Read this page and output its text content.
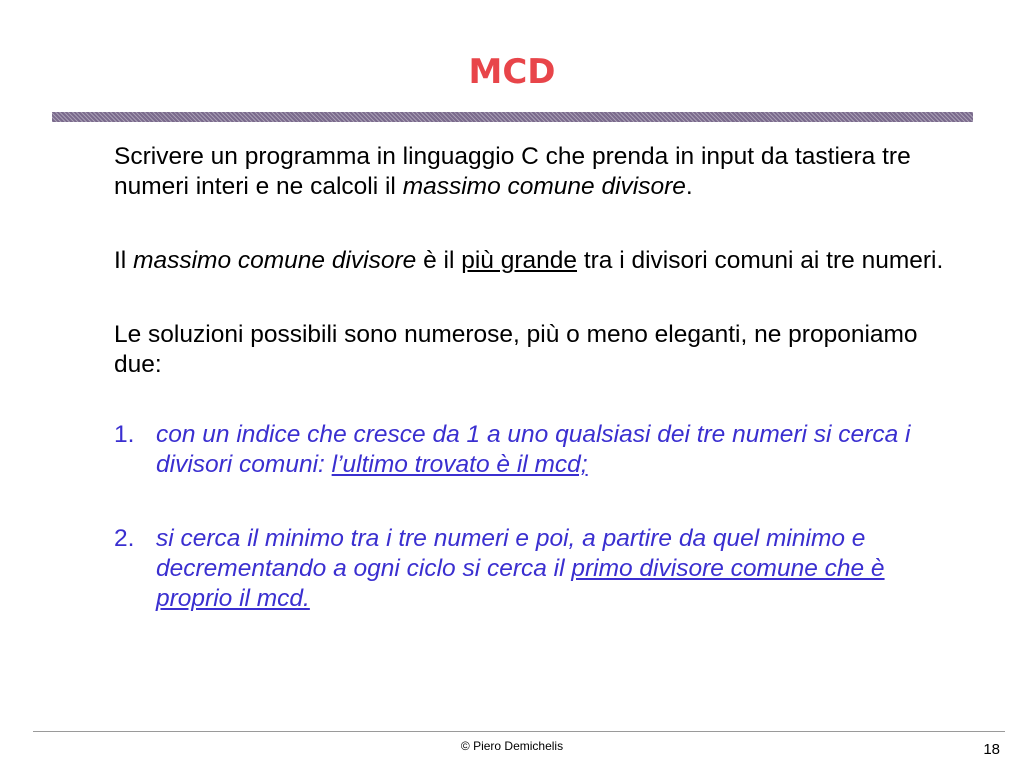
MCD

Scrivere un programma in linguaggio C che prenda in input da tastiera tre numeri interi e ne calcoli il massimo comune divisore.

Il massimo comune divisore è il più grande tra i divisori comuni ai tre numeri.

Le soluzioni possibili sono numerose, più o meno eleganti, ne proponiamo due:

1. con un indice che cresce da 1 a uno qualsiasi dei tre numeri si cerca i divisori comuni: l’ultimo trovato è il mcd;
2. si cerca il minimo tra i tre numeri e poi, a partire da quel minimo e decrementando a ogni ciclo si cerca il primo divisore comune che è proprio il mcd.
© Piero Demichelis	18
